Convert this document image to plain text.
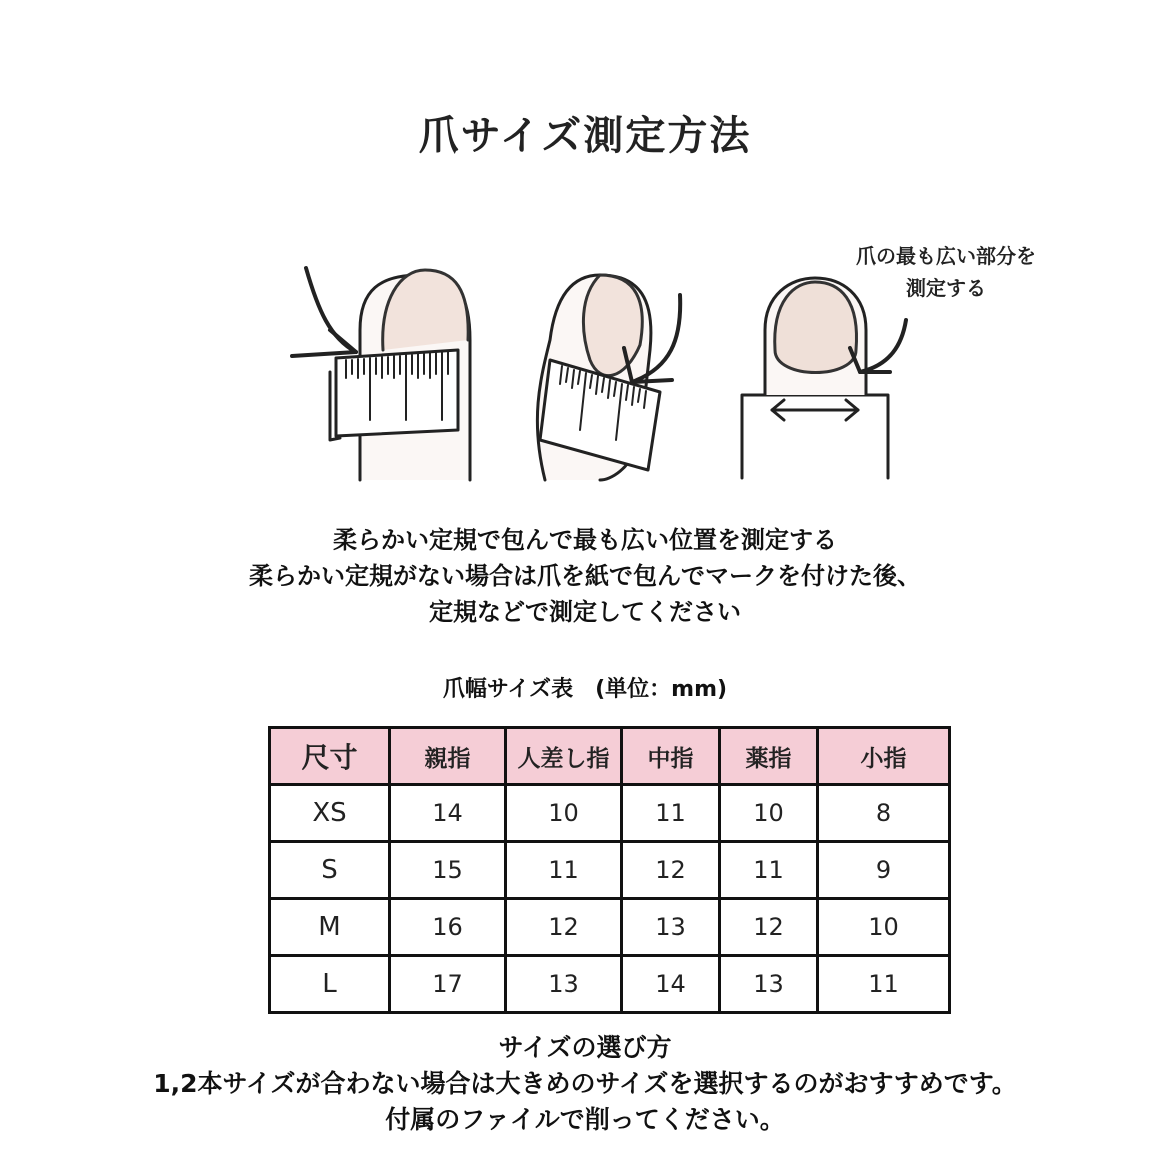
爪サイズ測定方法
爪の最も広い部分を
測定する
柔らかい定規で包んで最も広い位置を測定する
柔らかい定規がない場合は爪を紙で包んでマークを付けた後、
定規などで測定してください
爪幅サイズ表　(単位：mm)
尺寸	親指	人差し指	中指	薬指	小指
XS	14	10	11	10	8
S	15	11	12	11	9
M	16	12	13	12	10
L	17	13	14	13	11
サイズの選び方
1,2本サイズが合わない場合は大きめのサイズを選択するのがおすすめです。
付属のファイルで削ってください。
